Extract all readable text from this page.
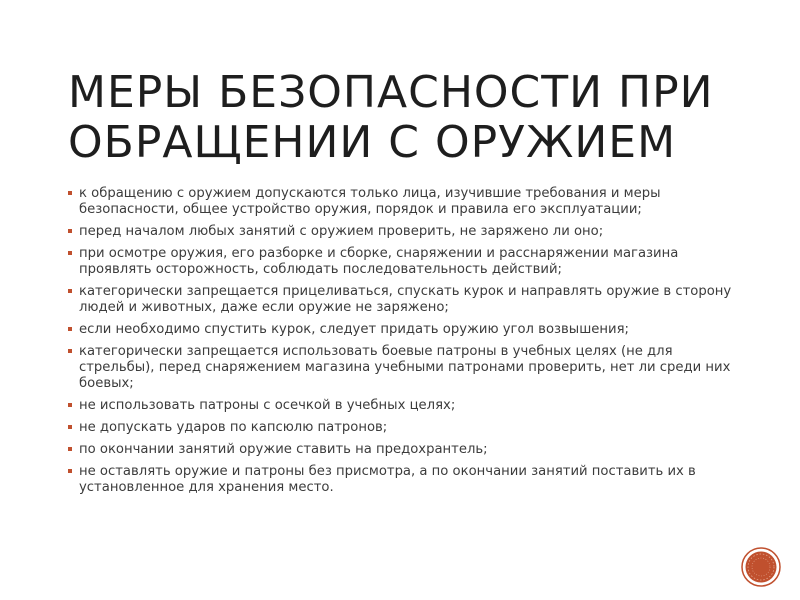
МЕРЫ БЕЗОПАСНОСТИ ПРИ ОБРАЩЕНИИ С ОРУЖИЕМ
к обращению с оружием допускаются только лица, изучившие требования и меры безопасности, общее устройство оружия, порядок и правила его эксплуатации;
перед началом любых занятий с оружием проверить, не заряжено ли оно;
при осмотре оружия, его разборке и сборке, снаряжении и расснаряжении магазина проявлять осторожность, соблюдать последовательность действий;
категорически запрещается прицеливаться, спускать курок и направлять оружие в сторону людей и животных, даже если оружие не заряжено;
если необходимо спустить курок, следует придать оружию угол возвышения;
категорически запрещается использовать боевые патроны в учебных целях (не для стрельбы), перед снаряжением магазина учебными патронами проверить, нет ли среди них боевых;
не использовать патроны с осечкой в учебных целях;
не допускать ударов по капсюлю патронов;
по окончании занятий оружие ставить на предохрантель;
не оставлять оружие и патроны без присмотра, а по окончании занятий поставить их в установленное для хранения место.
